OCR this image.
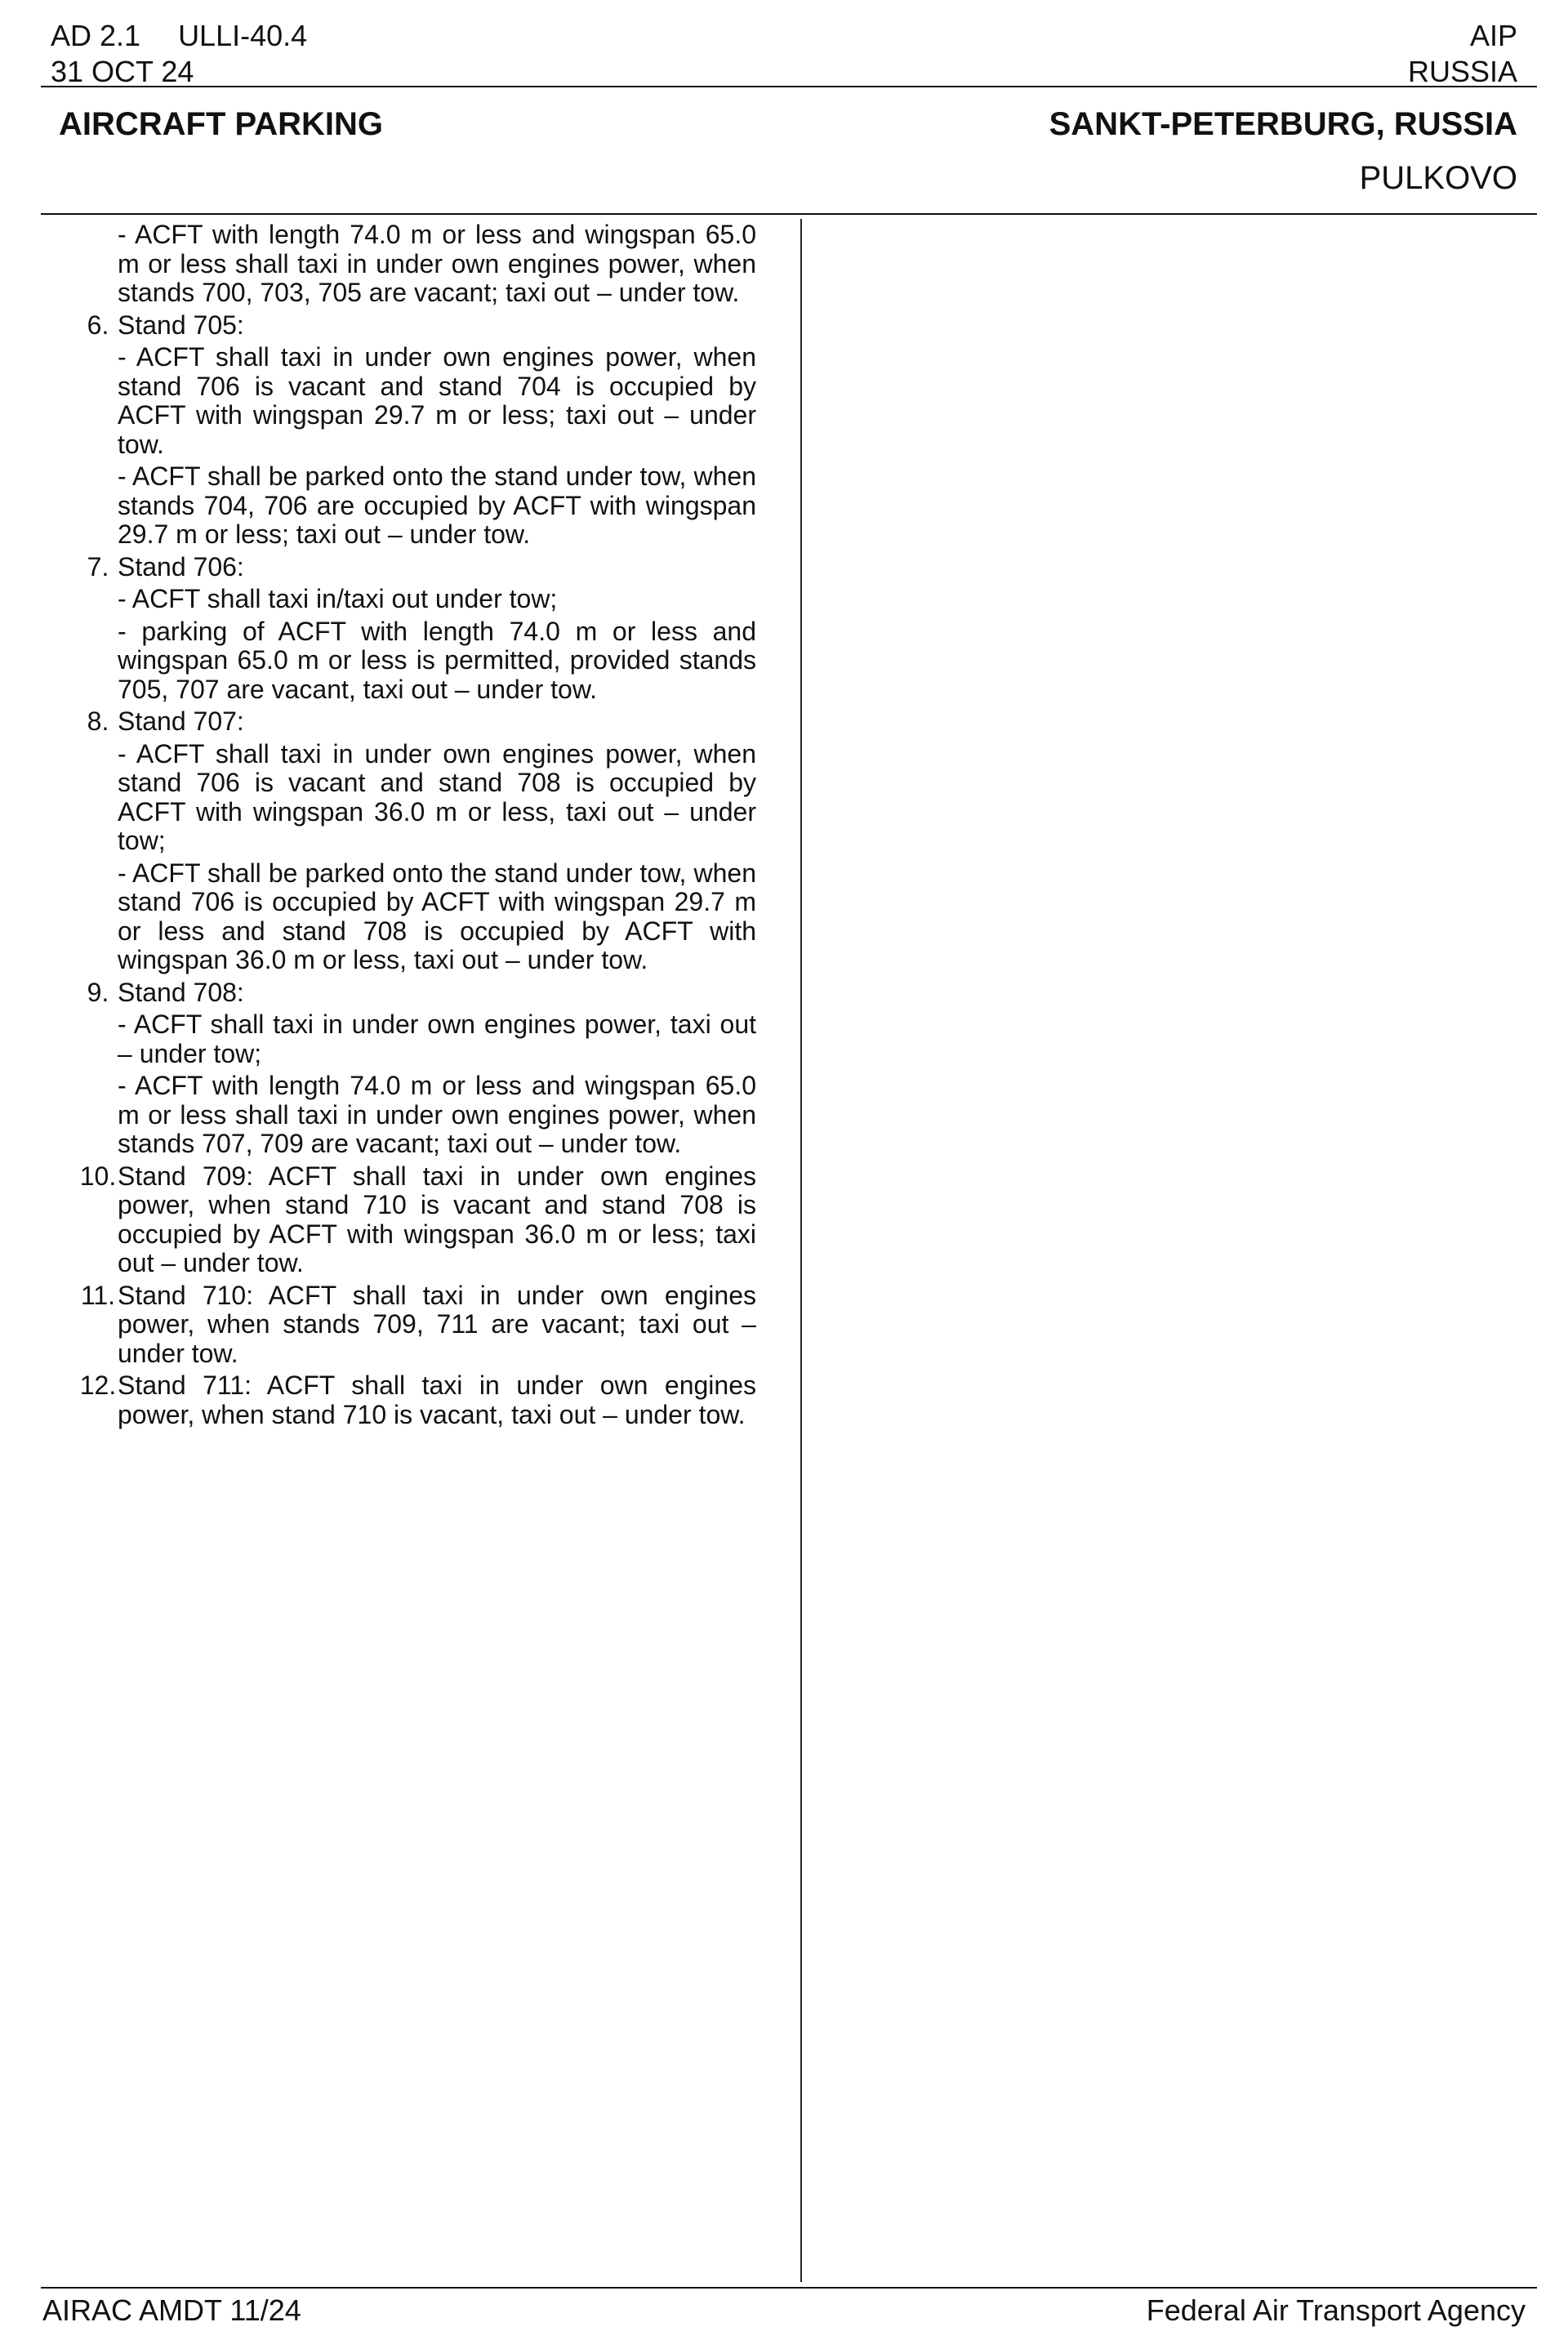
AD 2.1 ULLI-40.4
31 OCT 24
AIP
RUSSIA
AIRCRAFT PARKING	SANKT-PETERBURG, RUSSIA
PULKOVO
- ACFT with length 74.0 m or less and wingspan 65.0 m or less shall taxi in under own engines power, when stands 700, 703, 705 are vacant; taxi out – under tow.
6. Stand 705:
- ACFT shall taxi in under own engines power, when stand 706 is vacant and stand 704 is occupied by ACFT with wingspan 29.7 m or less; taxi out – under tow.
- ACFT shall be parked onto the stand under tow, when stands 704, 706 are occupied by ACFT with wingspan 29.7 m or less; taxi out – under tow.
7. Stand 706:
- ACFT shall taxi in/taxi out under tow;
- parking of ACFT with length 74.0 m or less and wingspan 65.0 m or less is permitted, provided stands 705, 707 are vacant, taxi out – under tow.
8. Stand 707:
- ACFT shall taxi in under own engines power, when stand 706 is vacant and stand 708 is occupied by ACFT with wingspan 36.0 m or less, taxi out – under tow;
- ACFT shall be parked onto the stand under tow, when stand 706 is occupied by ACFT with wingspan 29.7 m or less and stand 708 is occupied by ACFT with wingspan 36.0 m or less, taxi out – under tow.
9. Stand 708:
- ACFT shall taxi in under own engines power, taxi out – under tow;
- ACFT with length 74.0 m or less and wingspan 65.0 m or less shall taxi in under own engines power, when stands 707, 709 are vacant; taxi out – under tow.
10. Stand 709: ACFT shall taxi in under own engines power, when stand 710 is vacant and stand 708 is occupied by ACFT with wingspan 36.0 m or less; taxi out – under tow.
11. Stand 710: ACFT shall taxi in under own engines power, when stands 709, 711 are vacant; taxi out – under tow.
12. Stand 711: ACFT shall taxi in under own engines power, when stand 710 is vacant, taxi out – under tow.
AIRAC AMDT 11/24	Federal Air Transport Agency
